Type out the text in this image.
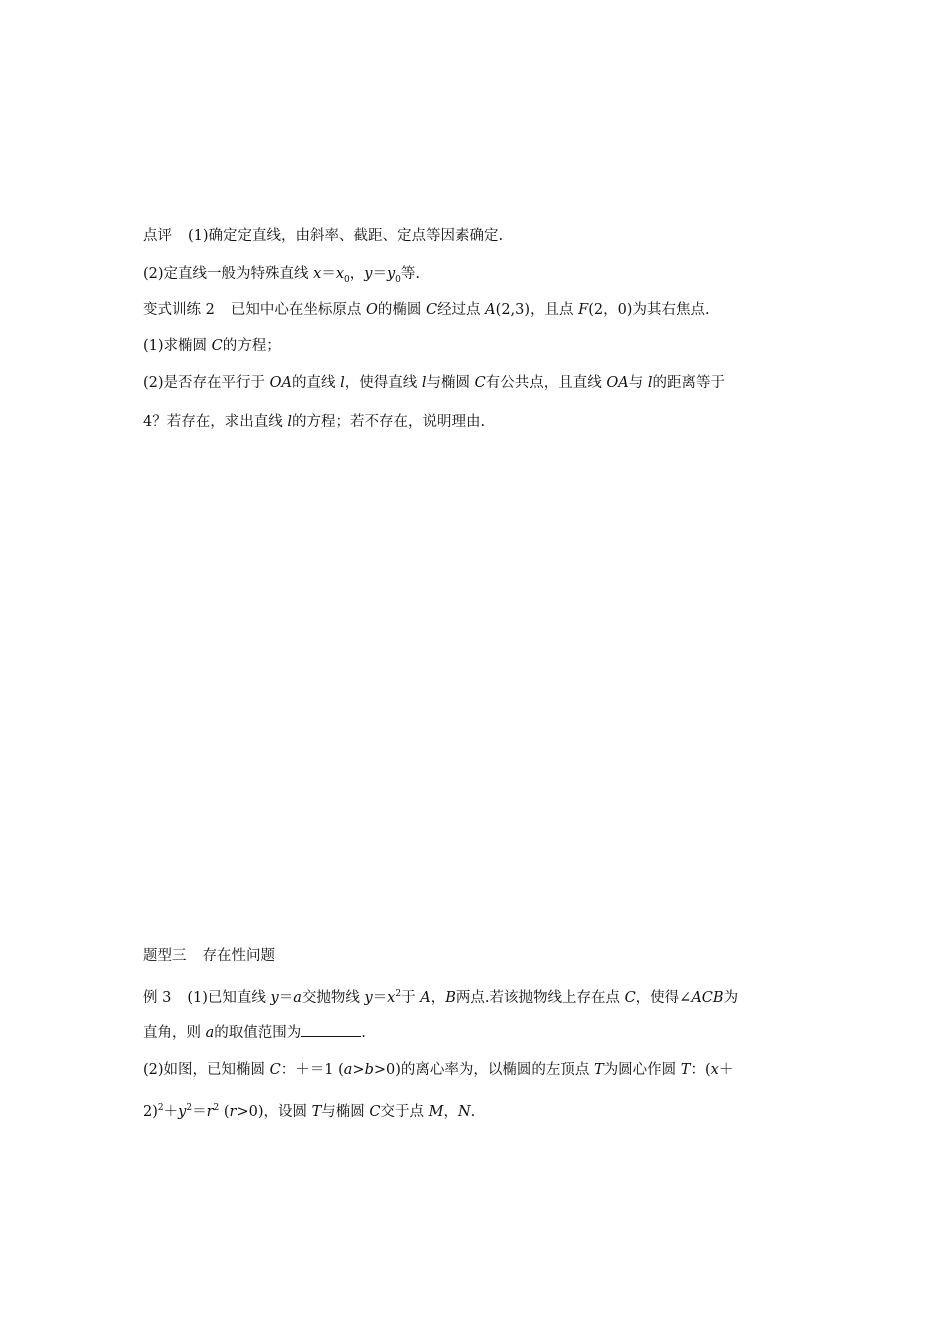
点评 (1)确定定直线，由斜率、截距、定点等因素确定.
(2)定直线一般为特殊直线 $x=x_0$，$y=y_0$等.
变式训练 2 已知中心在坐标原点 O的椭圆 C经过点 A(2,3)，且点 F(2，0)为其右焦点.
(1)求椭圆 C的方程；
(2)是否存在平行于 OA的直线 l，使得直线 l与椭圆 C有公共点，且直线 OA与 l的距离等于
4？若存在，求出直线 l的方程；若不存在，说明理由.
题型三 存在性问题
例 3 (1)已知直线 y＝a交抛物线 $y=x^2$于 A，B两点.若该抛物线上存在点 C，使得∠ACB为
直角，则 a的取值范围为	.
(2)如图，已知椭圆 C：＋＝1 (a>b>0)的离心率为，以椭圆的左顶点 T为圆心作圆 T：(x＋
$2)^2+y^2=r^2$ (r>0)，设圆 T与椭圆 C交于点 M，N.
